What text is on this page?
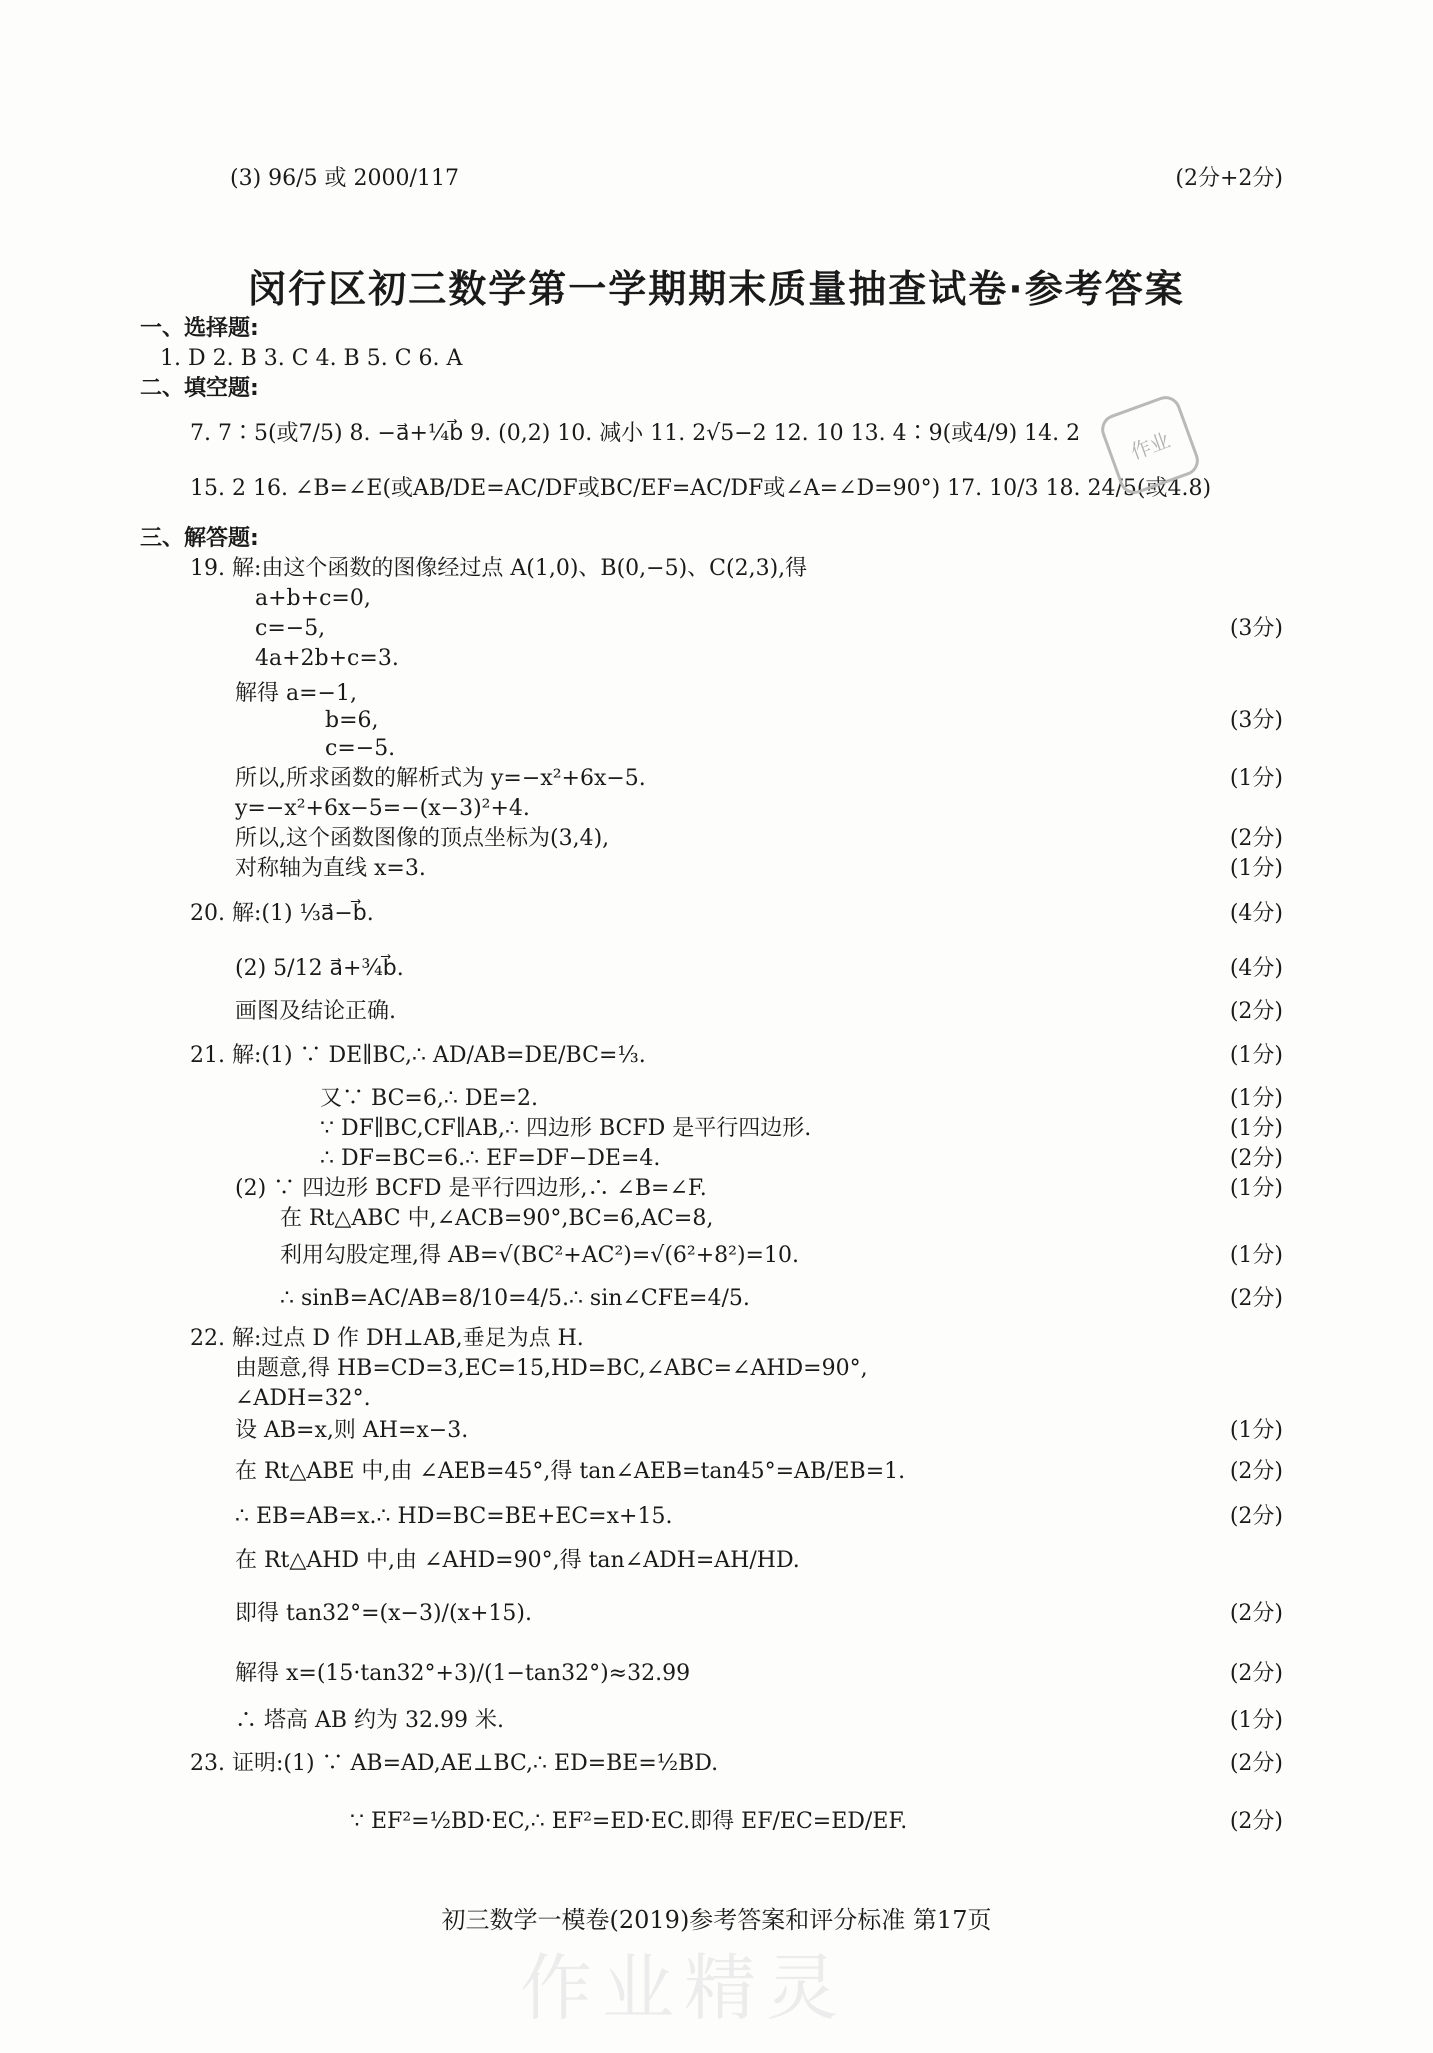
闵行区初三数学第一学期期末质量抽查试卷·参考答案
(3) 96/5 或 2000/117	(2分+2分)
一、选择题:
1. D 2. B 3. C 4. B 5. C 6. A
二、填空题:
7. 7∶5(或7/5) 8. −a⃗+¼b⃗ 9. (0,2) 10. 减小 11. 2√5−2 12. 10 13. 4∶9(或4/9) 14. 2
15. 2 16. ∠B=∠E(或AB/DE=AC/DF或BC/EF=AC/DF或∠A=∠D=90°) 17. 10/3 18. 24/5(或4.8)
三、解答题:
19. 解:由这个函数的图像经过点 A(1,0)、B(0,−5)、C(2,3),得
a+b+c=0,
c=−5,	(3分)
4a+2b+c=3.
解得 a=−1,
b=6,	(3分)
c=−5.
所以,所求函数的解析式为 y=−x²+6x−5.	(1分)
y=−x²+6x−5=−(x−3)²+4.
所以,这个函数图像的顶点坐标为(3,4),	(2分)
对称轴为直线 x=3.	(1分)
20. 解:(1) ⅓a⃗−b⃗.	(4分)
(2) 5/12 a⃗+¾b⃗.	(4分)
画图及结论正确.	(2分)
21. 解:(1) ∵ DE∥BC,∴ AD/AB=DE/BC=⅓.	(1分)
又∵ BC=6,∴ DE=2.	(1分)
∵ DF∥BC,CF∥AB,∴ 四边形 BCFD 是平行四边形.	(1分)
∴ DF=BC=6.∴ EF=DF−DE=4.	(2分)
(2) ∵ 四边形 BCFD 是平行四边形,∴ ∠B=∠F.	(1分)
在 Rt△ABC 中,∠ACB=90°,BC=6,AC=8,
利用勾股定理,得 AB=√(BC²+AC²)=√(6²+8²)=10.	(1分)
∴ sinB=AC/AB=8/10=4/5.∴ sin∠CFE=4/5.	(2分)
22. 解:过点 D 作 DH⊥AB,垂足为点 H.
由题意,得 HB=CD=3,EC=15,HD=BC,∠ABC=∠AHD=90°,
∠ADH=32°.
设 AB=x,则 AH=x−3.	(1分)
在 Rt△ABE 中,由 ∠AEB=45°,得 tan∠AEB=tan45°=AB/EB=1.	(2分)
∴ EB=AB=x.∴ HD=BC=BE+EC=x+15.	(2分)
在 Rt△AHD 中,由 ∠AHD=90°,得 tan∠ADH=AH/HD.
即得 tan32°=(x−3)/(x+15).	(2分)
解得 x=(15·tan32°+3)/(1−tan32°)≈32.99	(2分)
∴ 塔高 AB 约为 32.99 米.	(1分)
23. 证明:(1) ∵ AB=AD,AE⊥BC,∴ ED=BE=½BD.	(2分)
∵ EF²=½BD·EC,∴ EF²=ED·EC.即得 EF/EC=ED/EF.	(2分)
初三数学一模卷(2019)参考答案和评分标准 第17页
作业精灵
作业
